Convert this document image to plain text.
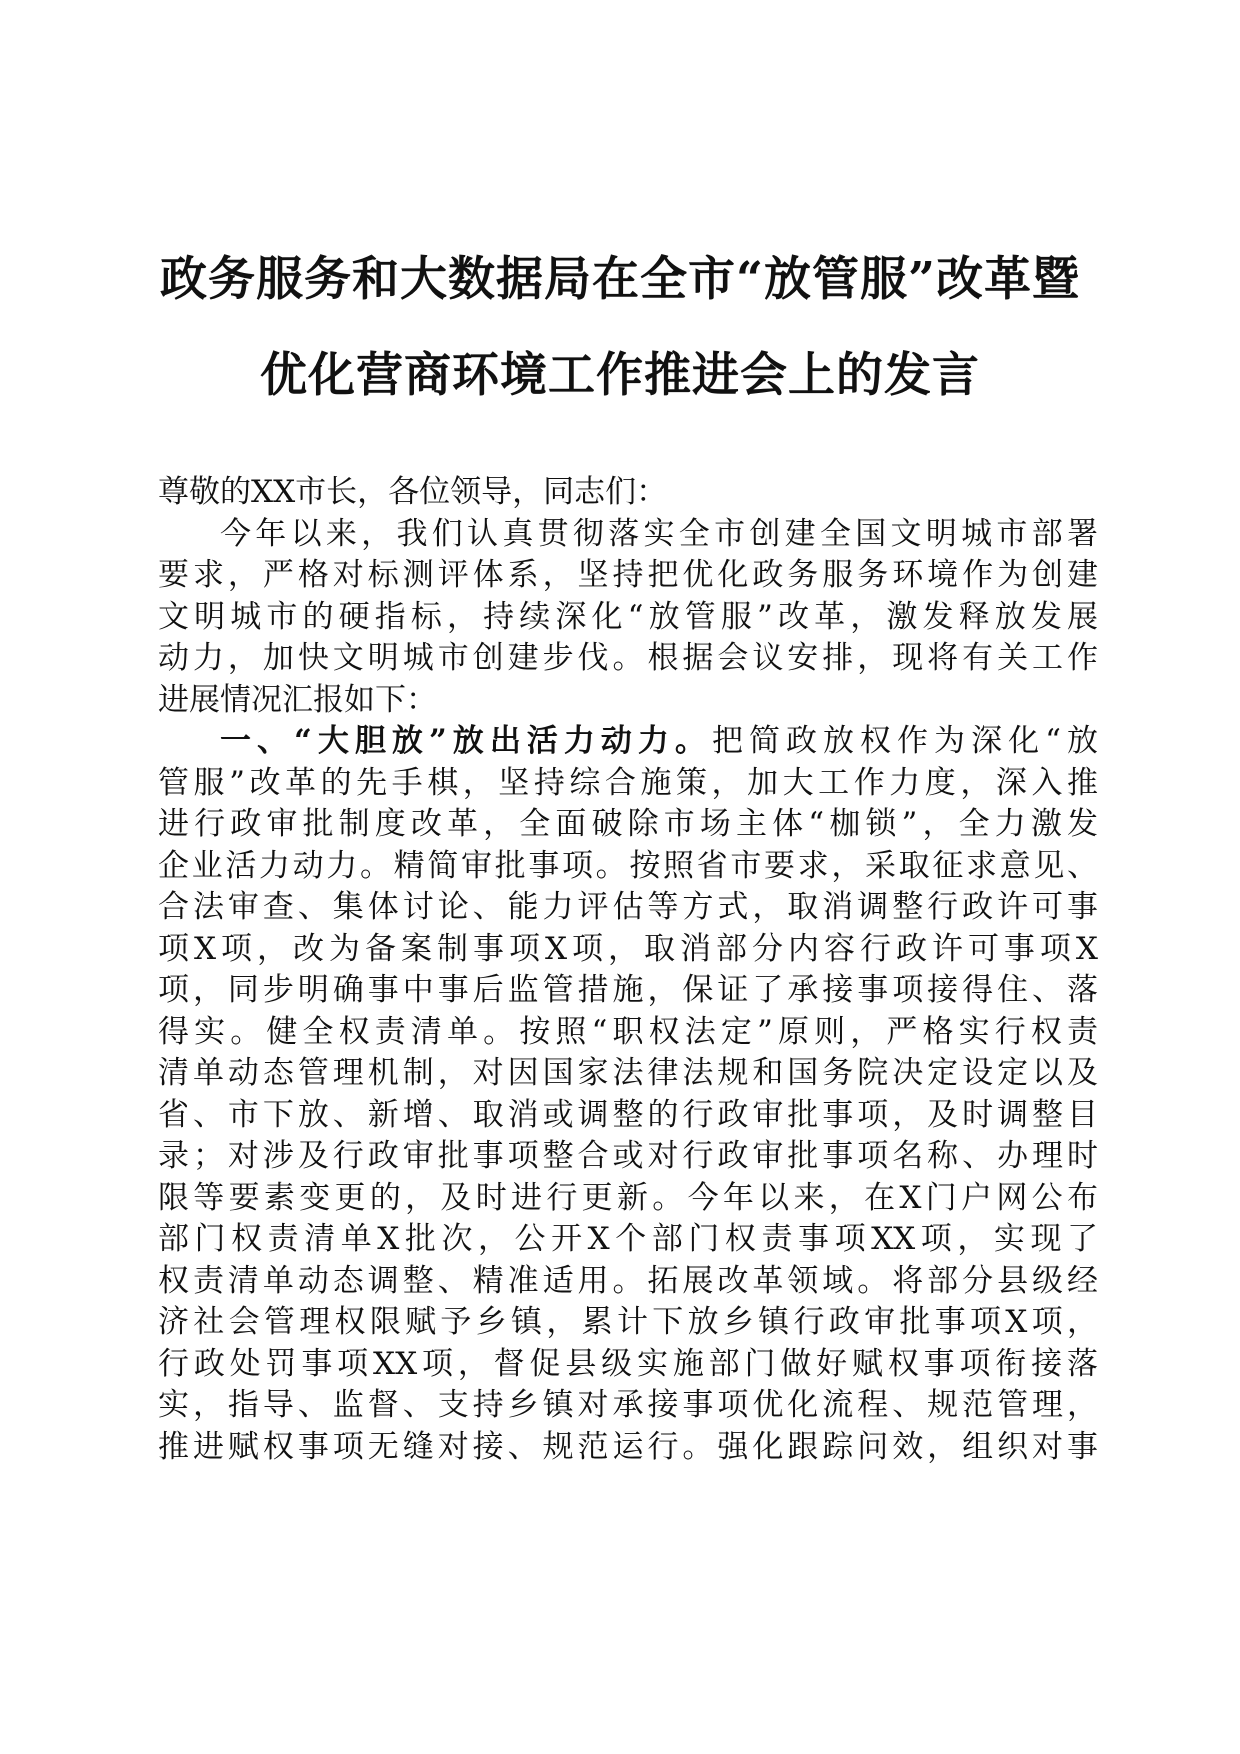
政务服务和大数据局在全市“放管服”改革暨
优化营商环境工作推进会上的发言
尊敬的XX市长，各位领导，同志们：
今年以来，我们认真贯彻落实全市创建全国文明城市部署
要求，严格对标测评体系，坚持把优化政务服务环境作为创建
文明城市的硬指标，持续深化“放管服”改革，激发释放发展
动力，加快文明城市创建步伐。根据会议安排，现将有关工作
进展情况汇报如下：
一、“大胆放”放出活力动力。把简政放权作为深化“放
管服”改革的先手棋，坚持综合施策，加大工作力度，深入推
进行政审批制度改革，全面破除市场主体“枷锁”，全力激发
企业活力动力。精简审批事项。按照省市要求，采取征求意见、
合法审查、集体讨论、能力评估等方式，取消调整行政许可事
项X项，改为备案制事项X项，取消部分内容行政许可事项X
项，同步明确事中事后监管措施，保证了承接事项接得住、落
得实。健全权责清单。按照“职权法定”原则，严格实行权责
清单动态管理机制，对因国家法律法规和国务院决定设定以及
省、市下放、新增、取消或调整的行政审批事项，及时调整目
录；对涉及行政审批事项整合或对行政审批事项名称、办理时
限等要素变更的，及时进行更新。今年以来，在X门户网公布
部门权责清单X批次，公开X个部门权责事项XX项，实现了
权责清单动态调整、精准适用。拓展改革领域。将部分县级经
济社会管理权限赋予乡镇，累计下放乡镇行政审批事项X项，
行政处罚事项XX项，督促县级实施部门做好赋权事项衔接落
实，指导、监督、支持乡镇对承接事项优化流程、规范管理，
推进赋权事项无缝对接、规范运行。强化跟踪问效，组织对事
